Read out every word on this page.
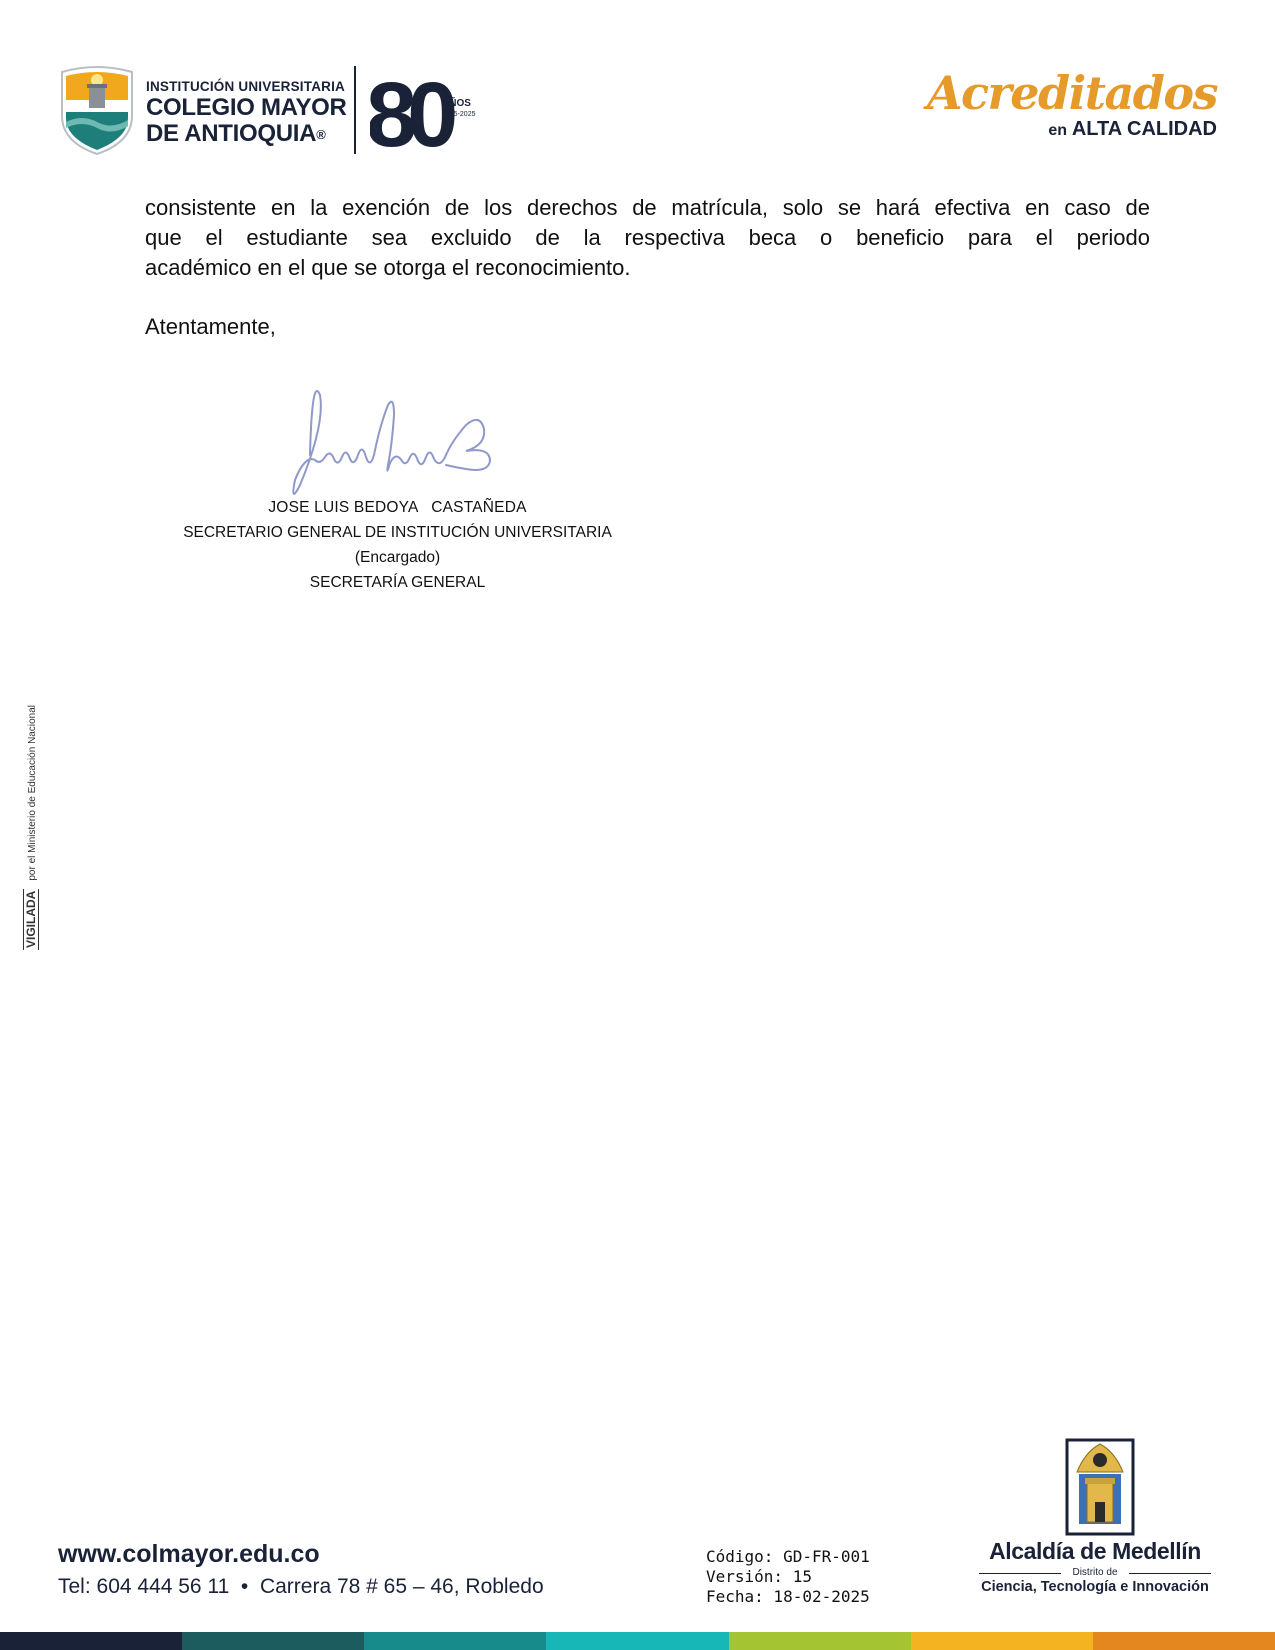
INSTITUCIÓN UNIVERSITARIA
COLEGIO MAYOR
DE ANTIOQUIA® 80
AÑOS
1945-2025	Acreditados
en ALTA CALIDAD
consistente en la exención de los derechos de matrícula, solo se hará efectiva en caso de
que el estudiante sea excluido de la respectiva beca o beneficio para el periodo
académico en el que se otorga el reconocimiento.
Atentamente,
JOSE LUIS BEDOYA   CASTAÑEDA
SECRETARIO GENERAL DE INSTITUCIÓN UNIVERSITARIA
(Encargado)
SECRETARÍA GENERAL
VIGILADApor el Ministerio de Educación Nacional
www.colmayor.edu.co
Tel: 604 444 56 11  •  Carrera 78 # 65 – 46, Robledo
Código: GD-FR-001
Versión: 15
Fecha: 18-02-2025
Alcaldía de Medellín
Distrito de
Ciencia, Tecnología e Innovación
